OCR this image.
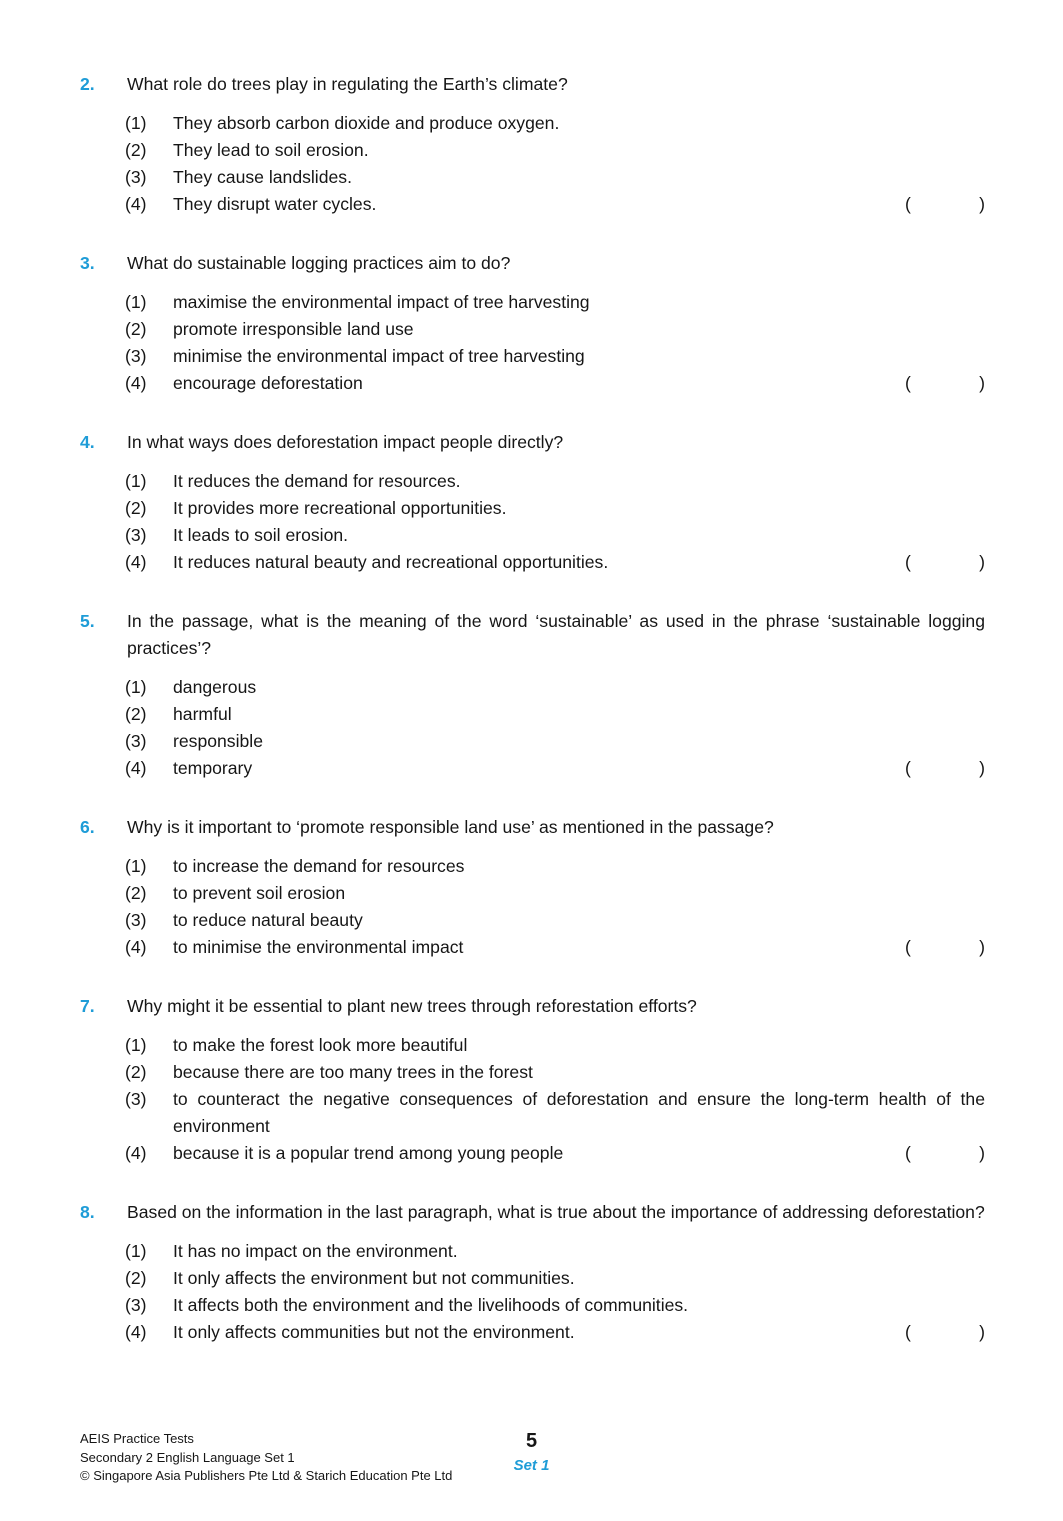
2.	What role do trees play in regulating the Earth’s climate?

(1)	They absorb carbon dioxide and produce oxygen.
(2)	They lead to soil erosion.
(3)	They cause landslides.
(4)	They disrupt water cycles.	(	)
3.	What do sustainable logging practices aim to do?

(1)	maximise the environmental impact of tree harvesting
(2)	promote irresponsible land use
(3)	minimise the environmental impact of tree harvesting
(4)	encourage deforestation	(	)
4.	In what ways does deforestation impact people directly?

(1)	It reduces the demand for resources.
(2)	It provides more recreational opportunities.
(3)	It leads to soil erosion.
(4)	It reduces natural beauty and recreational opportunities.	(	)
5.	In the passage, what is the meaning of the word ‘sustainable’ as used in the phrase ‘sustainable logging practices’?

(1)	dangerous
(2)	harmful
(3)	responsible
(4)	temporary	(	)
6.	Why is it important to ‘promote responsible land use’ as mentioned in the passage?

(1)	to increase the demand for resources
(2)	to prevent soil erosion
(3)	to reduce natural beauty
(4)	to minimise the environmental impact	(	)
7.	Why might it be essential to plant new trees through reforestation efforts?

(1)	to make the forest look more beautiful
(2)	because there are too many trees in the forest
(3)	to counteract the negative consequences of deforestation and ensure the long-term health of the environment
(4)	because it is a popular trend among young people	(	)
8.	Based on the information in the last paragraph, what is true about the importance of addressing deforestation?

(1)	It has no impact on the environment.
(2)	It only affects the environment but not communities.
(3)	It affects both the environment and the livelihoods of communities.
(4)	It only affects communities but not the environment.	(	)
AEIS Practice Tests
Secondary 2 English Language Set 1
© Singapore Asia Publishers Pte Ltd & Starich Education Pte Ltd
5
Set 1
